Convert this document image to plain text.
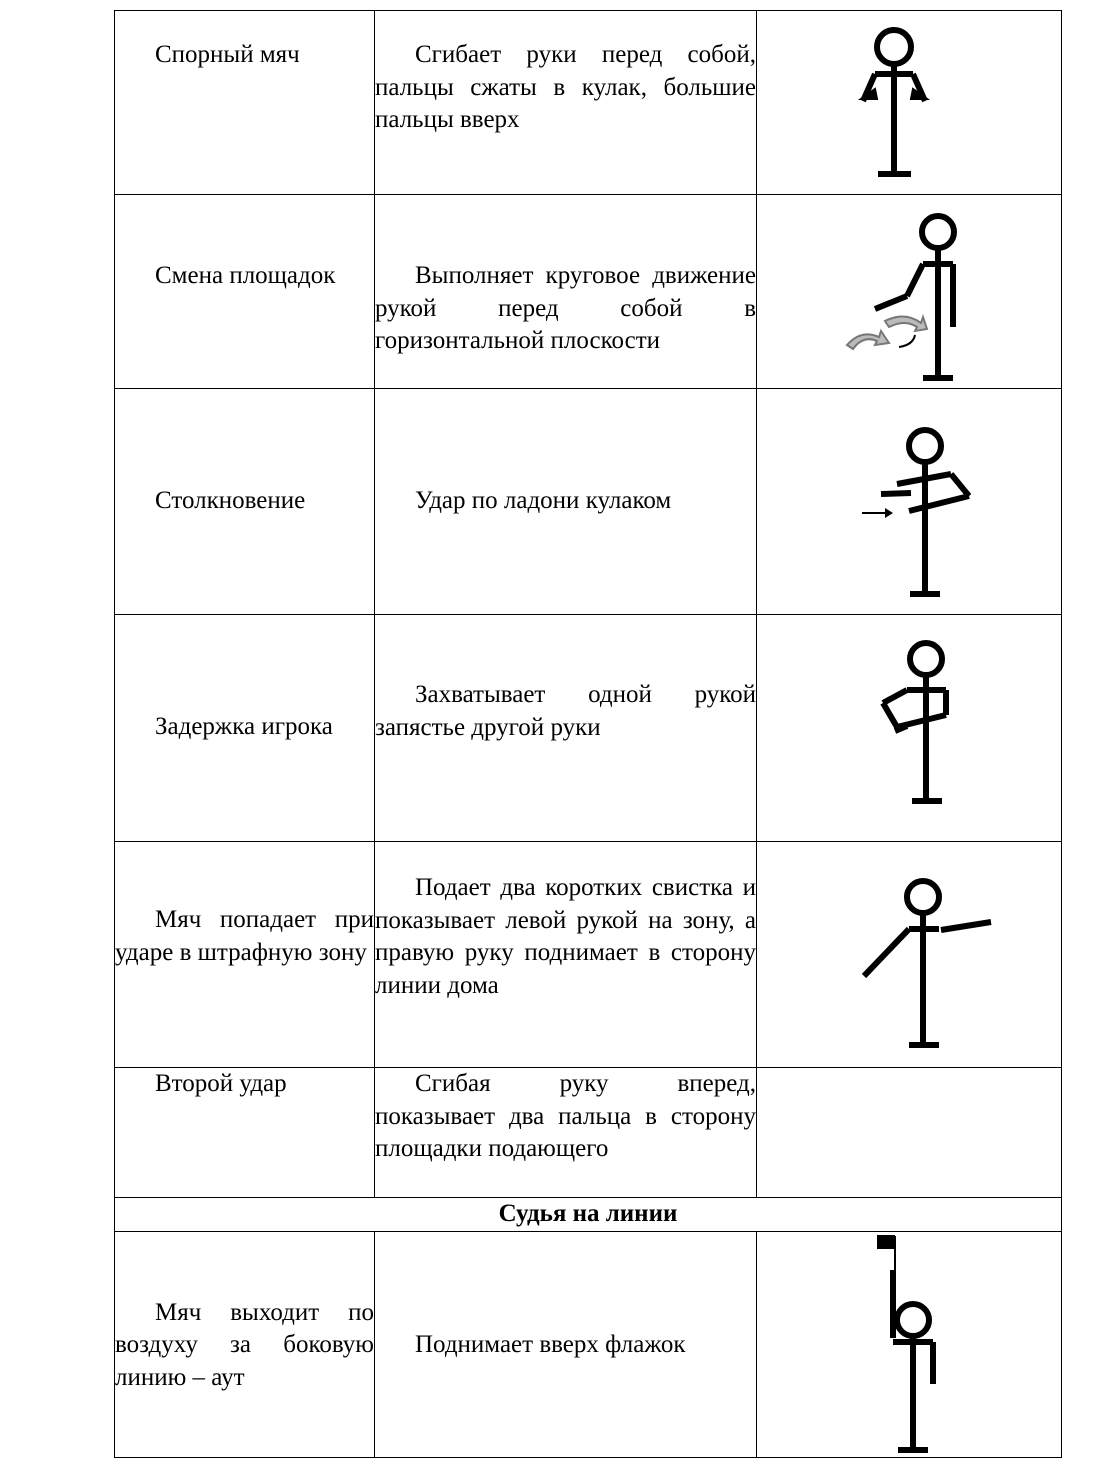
Спорный мяч	Сгибает руки перед собой, пальцы сжаты в кулак, большие пальцы вверх

Смена площадок	Выполняет круговое движение рукой перед собой в горизонтальной плоскости

Столкновение	Удар по ладони кулаком

Задержка игрока	Захватывает одной рукой запястье другой руки

Мяч попадает при ударе в штрафную зону	Подает два коротких свистка и показывает левой рукой на зону, а правую руку поднимает в сторону линии дома

Второй удар	Сгибая руку вперед, показывает два пальца в сторону площадки подающего	

Судья на линии		

Мяч выходит по воздуху за боковую линию – аут	Поднимает вверх флажок
